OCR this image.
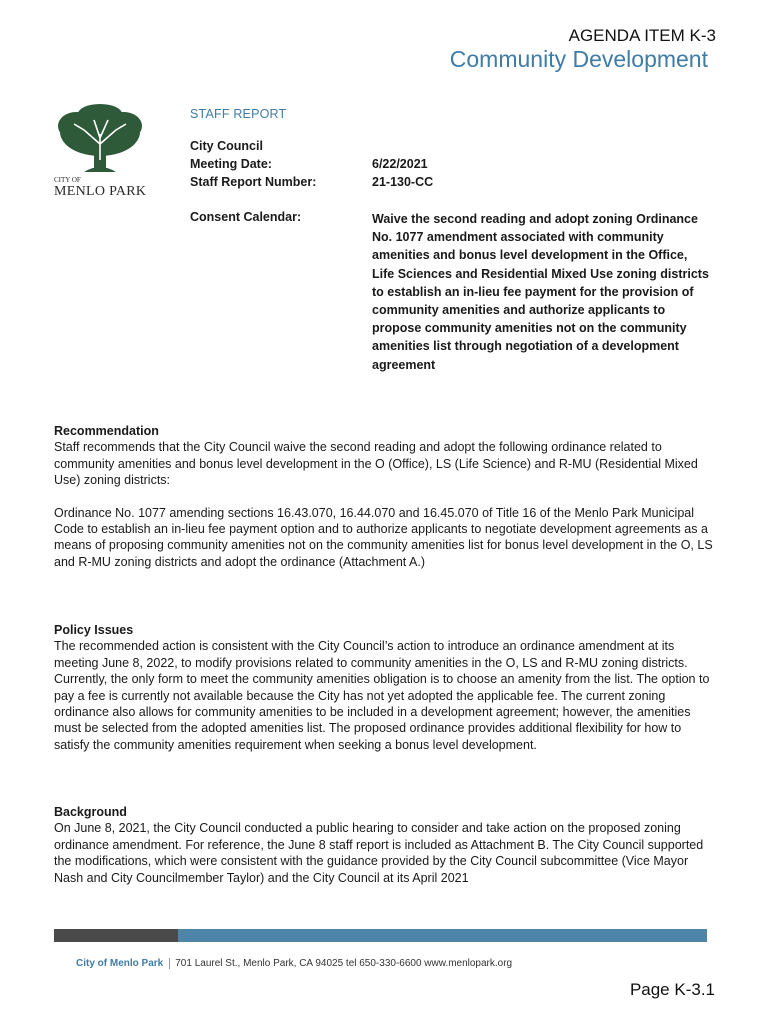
AGENDA ITEM K-3
Community Development
CITY OF
MENLO PARK
STAFF REPORT
City Council
Meeting Date:	6/22/2021
Staff Report Number:	21-130-CC
Consent Calendar:	Waive the second reading and adopt zoning Ordinance No. 1077 amendment associated with community amenities and bonus level development in the Office, Life Sciences and Residential Mixed Use zoning districts to establish an in-lieu fee payment for the provision of community amenities and authorize applicants to propose community amenities not on the community amenities list through negotiation of a development agreement
Recommendation

Staff recommends that the City Council waive the second reading and adopt the following ordinance related to community amenities and bonus level development in the O (Office), LS (Life Science) and R-MU (Residential Mixed Use) zoning districts:

Ordinance No. 1077 amending sections 16.43.070, 16.44.070 and 16.45.070 of Title 16 of the Menlo Park Municipal Code to establish an in-lieu fee payment option and to authorize applicants to negotiate development agreements as a means of proposing community amenities not on the community amenities list for bonus level development in the O, LS and R-MU zoning districts and adopt the ordinance (Attachment A.)

Policy Issues

The recommended action is consistent with the City Council’s action to introduce an ordinance amendment at its meeting June 8, 2022, to modify provisions related to community amenities in the O, LS and R-MU zoning districts. Currently, the only form to meet the community amenities obligation is to choose an amenity from the list. The option to pay a fee is currently not available because the City has not yet adopted the applicable fee. The current zoning ordinance also allows for community amenities to be included in a development agreement; however, the amenities must be selected from the adopted amenities list. The proposed ordinance provides additional flexibility for how to satisfy the community amenities requirement when seeking a bonus level development.

Background

On June 8, 2021, the City Council conducted a public hearing to consider and take action on the proposed zoning ordinance amendment. For reference, the June 8 staff report is included as Attachment B. The City Council supported the modifications, which were consistent with the guidance provided by the City Council subcommittee (Vice Mayor Nash and City Councilmember Taylor) and the City Council at its April 2021

City of Menlo Park 701 Laurel St., Menlo Park, CA 94025 tel 650-330-6600 www.menlopark.org
Page K-3.1
